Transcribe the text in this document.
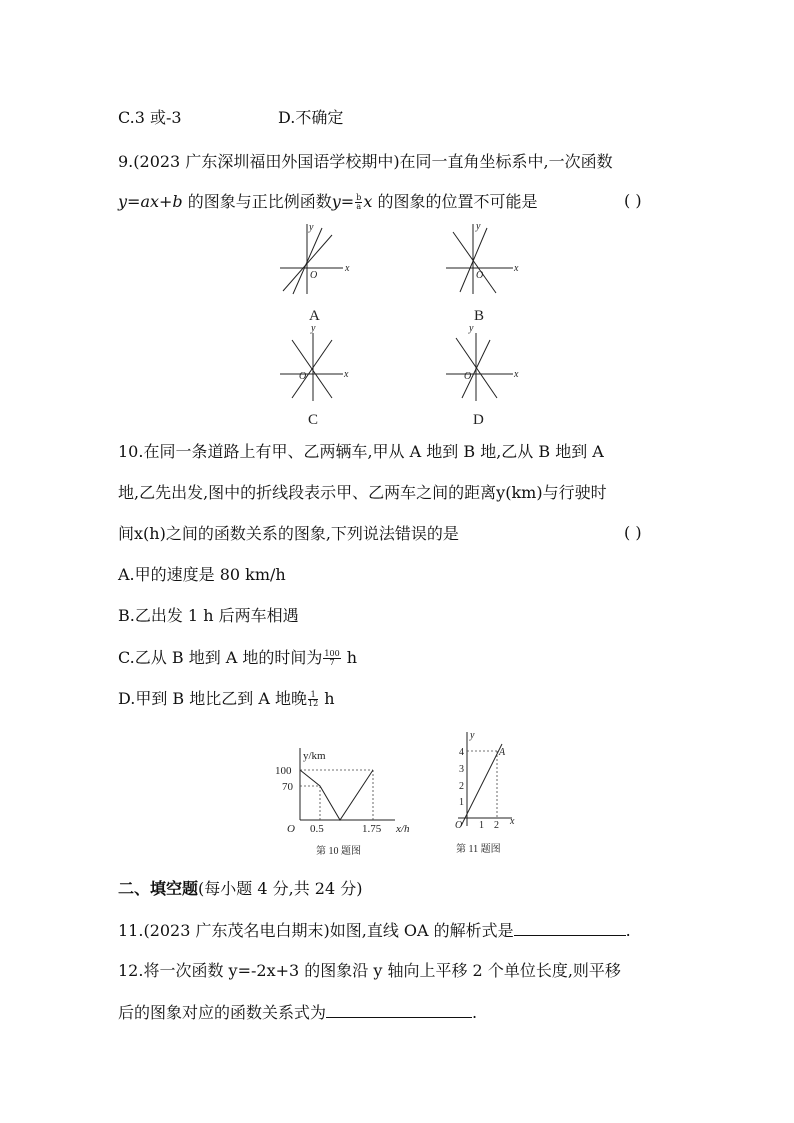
C.3 或-3	D.不确定
9.(2023 广东深圳福田外国语学校期中)在同一直角坐标系中,一次函数
y=ax+b 的图象与正比例函数$y= \frac{b}{a}$ x 的图象的位置不可能是	( )
x
y
O
x
y
O
x
y
O	x
y
O
A	B
C	D
10.在同一条道路上有甲、乙两辆车,甲从 A 地到 B 地,乙从 B 地到 A
地,乙先出发,图中的折线段表示甲、乙两车之间的距离y(km)与行驶时
间x(h)之间的函数关系的图象,下列说法错误的是	( )
A.甲的速度是 80 km/h
B.乙出发 1 h 后两车相遇
C.乙从 B 地到 A 地的时间为 $\frac{100}{7}$ h
D.甲到 B 地比乙到 A 地晚 $\frac{1}{12}$ h
y/km
100
70
O 0.5	1.75 x/h
第 10 题图
y
4
3
2
1
O 1 2 x
A
第 11 题图
二、填空题(每小题 4 分,共 24 分)
11.(2023 广东茂名电白期末)如图,直线 OA 的解析式是	.
12.将一次函数 y=-2x+3 的图象沿 y 轴向上平移 2 个单位长度,则平移
后的图象对应的函数关系式为	.
